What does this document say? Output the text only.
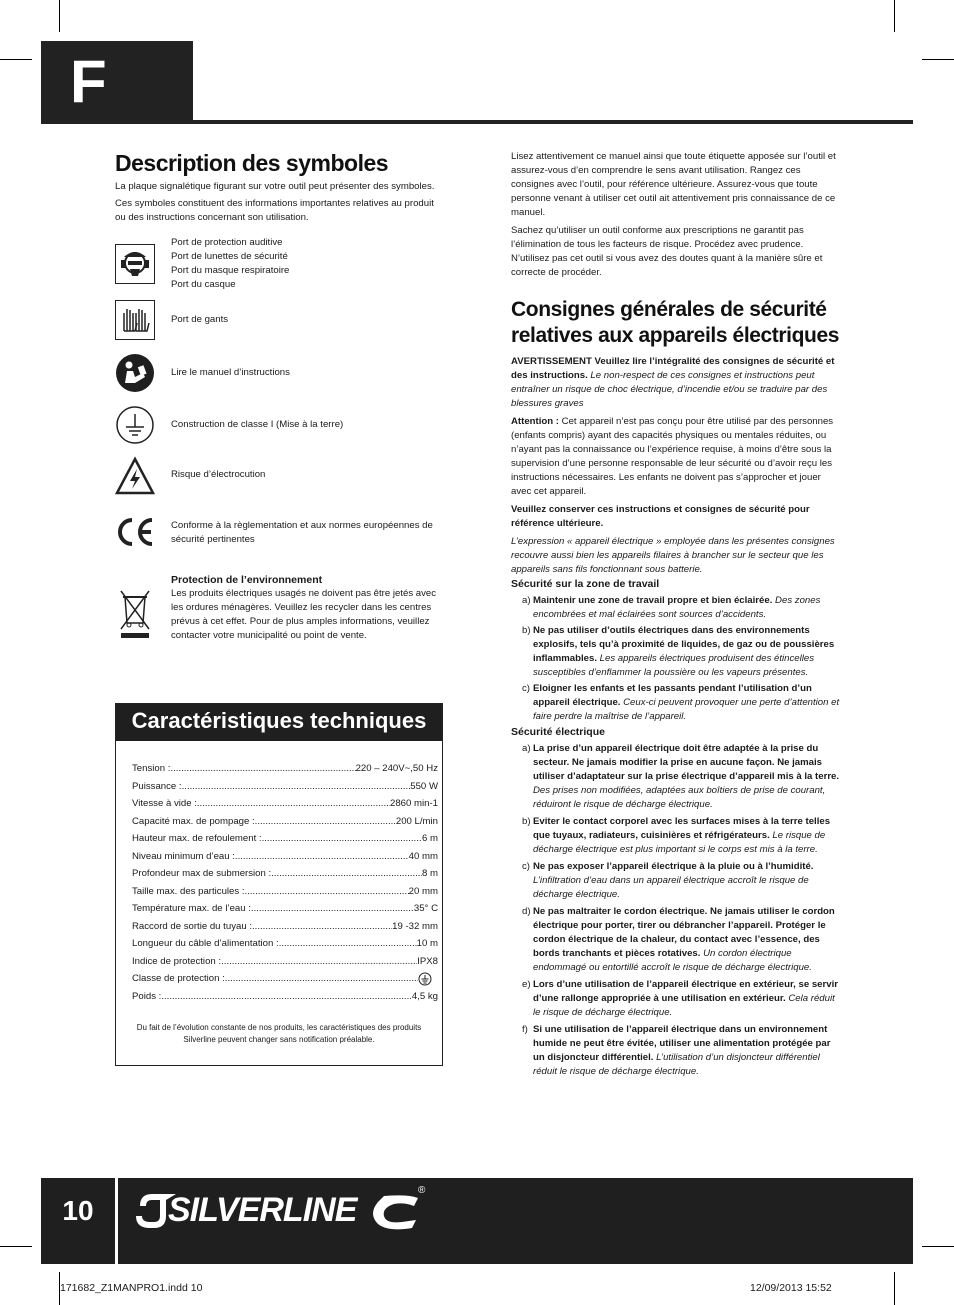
F
Description des symboles

La plaque signalétique figurant sur votre outil peut présenter des symboles.

Ces symboles constituent des informations importantes relatives au produit ou des instructions concernant son utilisation.

Port de protection auditive
Port de lunettes de sécurité
Port du masque respiratoire
Port du casque
Port de gants
Lire le manuel d’instructions
Construction de classe I (Mise à la terre)
Risque d’électrocution
Conforme à la règlementation et aux normes européennes de
sécurité pertinentes
Protection de l’environnement
Les produits électriques usagés ne doivent pas être jetés avec les ordures ménagères. Veuillez les recycler dans les centres prévus à cet effet. Pour de plus amples informations, veuillez contacter votre municipalité ou point de vente.
Caractéristiques techniques
Tension : .....	220 – 240V~,50 Hz
Puissance : .....	550 W
Vitesse à vide : .....	2860 min-1
Capacité max. de pompage : .....	200 L/min
Hauteur max. de refoulement : .....	6 m
Niveau minimum d’eau : .....	40 mm
Profondeur max de submersion : .....	8 m
Taille max. des particules : .....	20 mm
Température max. de l’eau : .....	35° C
Raccord de sortie du tuyau : .....	19 -32 mm
Longueur du câble d’alimentation : .....	10 m
Indice de protection : .....	IPX8
Classe de protection :
.....
Poids : .....	4,5 kg
Du fait de l’évolution constante de nos produits, les caractéristiques des produits Silverline peuvent changer sans notification préalable.

Lisez attentivement ce manuel ainsi que toute étiquette apposée sur l’outil et assurez-vous d’en comprendre le sens avant utilisation. Rangez ces consignes avec l’outil, pour référence ultérieure. Assurez-vous que toute personne venant à utiliser cet outil ait attentivement pris connaissance de ce manuel.

Sachez qu’utiliser un outil conforme aux prescriptions ne garantit pas l’élimination de tous les facteurs de risque. Procédez avec prudence. N’utilisez pas cet outil si vous avez des doutes quant à la manière sûre et correcte de procéder.

Consignes générales de sécurité relatives aux appareils électriques

AVERTISSEMENT Veuillez lire l’intégralité des consignes de sécurité et des instructions. Le non-respect de ces consignes et instructions peut entraîner un risque de choc électrique, d’incendie et/ou se traduire par des blessures graves

Attention : Cet appareil n’est pas conçu pour être utilisé par des personnes (enfants compris) ayant des capacités physiques ou mentales réduites, ou n’ayant pas la connaissance ou l’expérience requise, à moins d’être sous la supervision d’une personne responsable de leur sécurité ou d’avoir reçu les instructions nécessaires. Les enfants ne doivent pas s’approcher et jouer avec cet appareil.

Veuillez conserver ces instructions et consignes de sécurité pour référence ultérieure.

L’expression « appareil électrique » employée dans les présentes consignes recouvre aussi bien les appareils filaires à brancher sur le secteur que les appareils sans fils fonctionnant sous batterie.

Sécurité sur la zone de travail
a) Maintenir une zone de travail propre et bien éclairée. Des zones encombrées et mal éclairées sont sources d’accidents.
b) Ne pas utiliser d’outils électriques dans des environnements explosifs, tels qu’à proximité de liquides, de gaz ou de poussières inflammables. Les appareils électriques produisent des étincelles susceptibles d’enflammer la poussière ou les vapeurs présentes.
c) Eloigner les enfants et les passants pendant l’utilisation d’un appareil électrique. Ceux-ci peuvent provoquer une perte d’attention et faire perdre la maîtrise de l’appareil.
Sécurité électrique
a) La prise d’un appareil électrique doit être adaptée à la prise du secteur. Ne jamais modifier la prise en aucune façon. Ne jamais utiliser d’adaptateur sur la prise électrique d’appareil mis à la terre. Des prises non modifiées, adaptées aux boîtiers de prise de courant, réduiront le risque de décharge électrique.
b) Eviter le contact corporel avec les surfaces mises à la terre telles que tuyaux, radiateurs, cuisinières et réfrigérateurs. Le risque de décharge électrique est plus important si le corps est mis à la terre.
c) Ne pas exposer l’appareil électrique à la pluie ou à l’humidité. L’infiltration d’eau dans un appareil électrique accroît le risque de décharge électrique.
d) Ne pas maltraiter le cordon électrique. Ne jamais utiliser le cordon électrique pour porter, tirer ou débrancher l’appareil. Protéger le cordon électrique de la chaleur, du contact avec l’essence, des bords tranchants et pièces rotatives. Un cordon électrique endommagé ou entortillé accroît le risque de décharge électrique.
e) Lors d’une utilisation de l’appareil électrique en extérieur, se servir d’une rallonge appropriée à une utilisation en extérieur. Cela réduit le risque de décharge électrique.
f) Si une utilisation de l’appareil électrique dans un environnement humide ne peut être évitée, utiliser une alimentation protégée par un disjoncteur différentiel. L’utilisation d’un disjoncteur différentiel réduit le risque de décharge électrique.
10	SILVERLINE
®
171682_Z1MANPRO1.indd 10	12/09/2013 15:52
